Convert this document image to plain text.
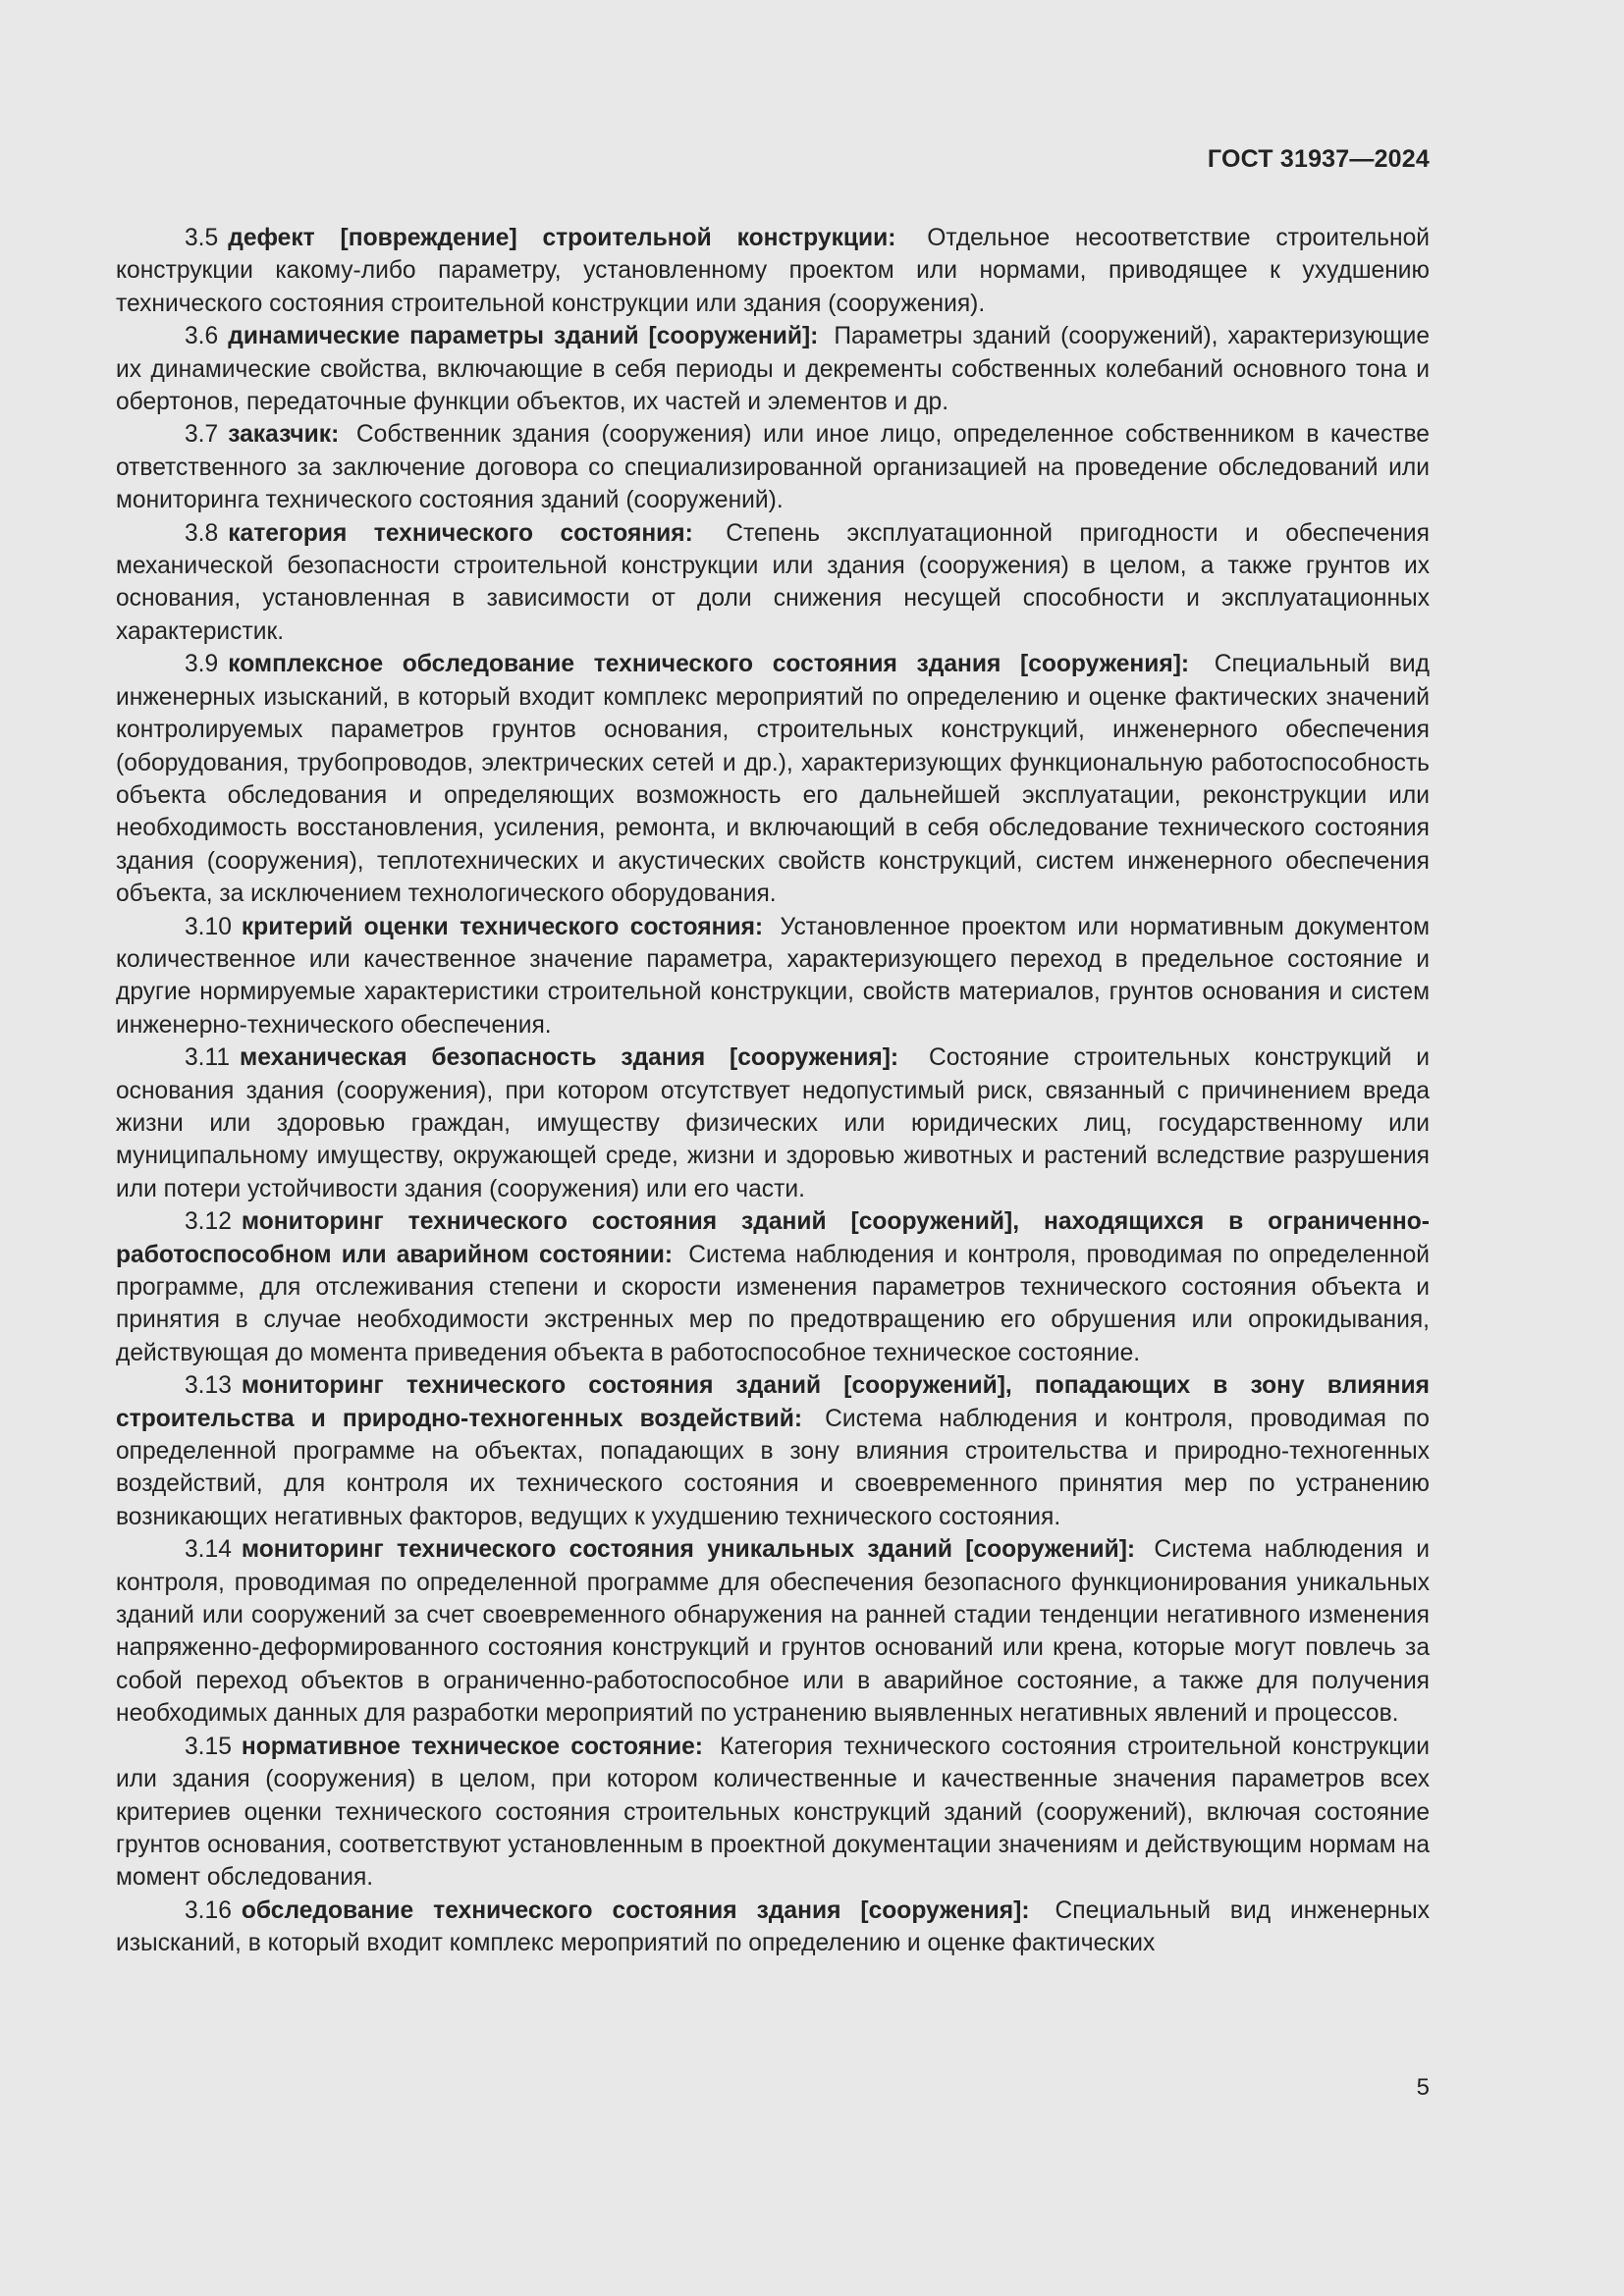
ГОСТ 31937—2024

3.5 дефект [повреждение] строительной конструкции: Отдельное несоответствие строительной конструкции какому-либо параметру, установленному проектом или нормами, приводящее к ухудшению технического состояния строительной конструкции или здания (сооружения).

3.6 динамические параметры зданий [сооружений]: Параметры зданий (сооружений), характеризующие их динамические свойства, включающие в себя периоды и декременты собственных колебаний основного тона и обертонов, передаточные функции объектов, их частей и элементов и др.

3.7 заказчик: Собственник здания (сооружения) или иное лицо, определенное собственником в качестве ответственного за заключение договора со специализированной организацией на проведение обследований или мониторинга технического состояния зданий (сооружений).

3.8 категория технического состояния: Степень эксплуатационной пригодности и обеспечения механической безопасности строительной конструкции или здания (сооружения) в целом, а также грунтов их основания, установленная в зависимости от доли снижения несущей способности и эксплуатационных характеристик.

3.9 комплексное обследование технического состояния здания [сооружения]: Специальный вид инженерных изысканий, в который входит комплекс мероприятий по определению и оценке фактических значений контролируемых параметров грунтов основания, строительных конструкций, инженерного обеспечения (оборудования, трубопроводов, электрических сетей и др.), характеризующих функциональную работоспособность объекта обследования и определяющих возможность его дальнейшей эксплуатации, реконструкции или необходимость восстановления, усиления, ремонта, и включающий в себя обследование технического состояния здания (сооружения), теплотехнических и акустических свойств конструкций, систем инженерного обеспечения объекта, за исключением технологического оборудования.

3.10 критерий оценки технического состояния: Установленное проектом или нормативным документом количественное или качественное значение параметра, характеризующего переход в предельное состояние и другие нормируемые характеристики строительной конструкции, свойств материалов, грунтов основания и систем инженерно-технического обеспечения.

3.11 механическая безопасность здания [сооружения]: Состояние строительных конструкций и основания здания (сооружения), при котором отсутствует недопустимый риск, связанный с причинением вреда жизни или здоровью граждан, имуществу физических или юридических лиц, государственному или муниципальному имуществу, окружающей среде, жизни и здоровью животных и растений вследствие разрушения или потери устойчивости здания (сооружения) или его части.

3.12 мониторинг технического состояния зданий [сооружений], находящихся в ограниченно-работоспособном или аварийном состоянии: Система наблюдения и контроля, проводимая по определенной программе, для отслеживания степени и скорости изменения параметров технического состояния объекта и принятия в случае необходимости экстренных мер по предотвращению его обрушения или опрокидывания, действующая до момента приведения объекта в работоспособное техническое состояние.

3.13 мониторинг технического состояния зданий [сооружений], попадающих в зону влияния строительства и природно-техногенных воздействий: Система наблюдения и контроля, проводимая по определенной программе на объектах, попадающих в зону влияния строительства и природно-техногенных воздействий, для контроля их технического состояния и своевременного принятия мер по устранению возникающих негативных факторов, ведущих к ухудшению технического состояния.

3.14 мониторинг технического состояния уникальных зданий [сооружений]: Система наблюдения и контроля, проводимая по определенной программе для обеспечения безопасного функционирования уникальных зданий или сооружений за счет своевременного обнаружения на ранней стадии тенденции негативного изменения напряженно-деформированного состояния конструкций и грунтов оснований или крена, которые могут повлечь за собой переход объектов в ограниченно-работоспособное или в аварийное состояние, а также для получения необходимых данных для разработки мероприятий по устранению выявленных негативных явлений и процессов.

3.15 нормативное техническое состояние: Категория технического состояния строительной конструкции или здания (сооружения) в целом, при котором количественные и качественные значения параметров всех критериев оценки технического состояния строительных конструкций зданий (сооружений), включая состояние грунтов основания, соответствуют установленным в проектной документации значениям и действующим нормам на момент обследования.

3.16 обследование технического состояния здания [сооружения]: Специальный вид инженерных изысканий, в который входит комплекс мероприятий по определению и оценке фактических

5
